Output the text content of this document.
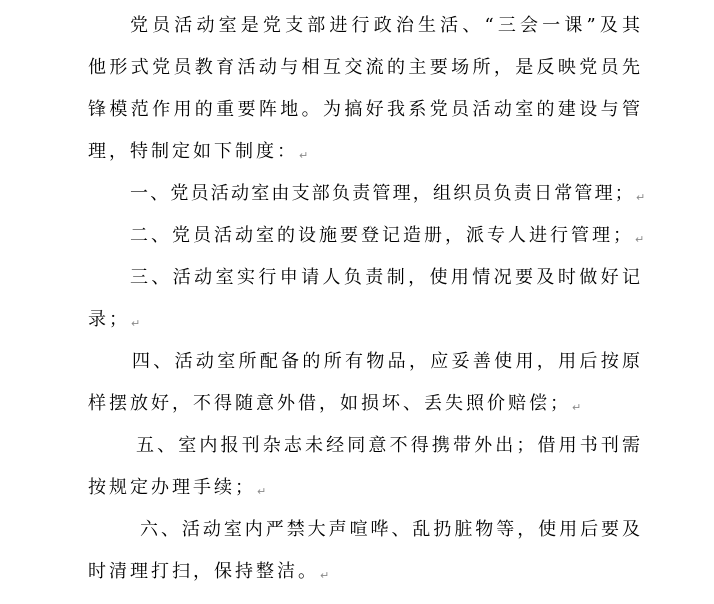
党员活动室是党支部进行政治生活、“三会一课”及其
他形式党员教育活动与相互交流的主要场所，是反映党员先
锋模范作用的重要阵地。为搞好我系党员活动室的建设与管
理，特制定如下制度：↵
一、党员活动室由支部负责管理，组织员负责日常管理；↵
二、党员活动室的设施要登记造册，派专人进行管理；↵
三、活动室实行申请人负责制，使用情况要及时做好记
录；↵
四、活动室所配备的所有物品，应妥善使用，用后按原
样摆放好，不得随意外借，如损坏、丢失照价赔偿；↵
五、室内报刊杂志未经同意不得携带外出；借用书刊需
按规定办理手续；↵
六、活动室内严禁大声喧哗、乱扔脏物等，使用后要及
时清理打扫，保持整洁。↵
